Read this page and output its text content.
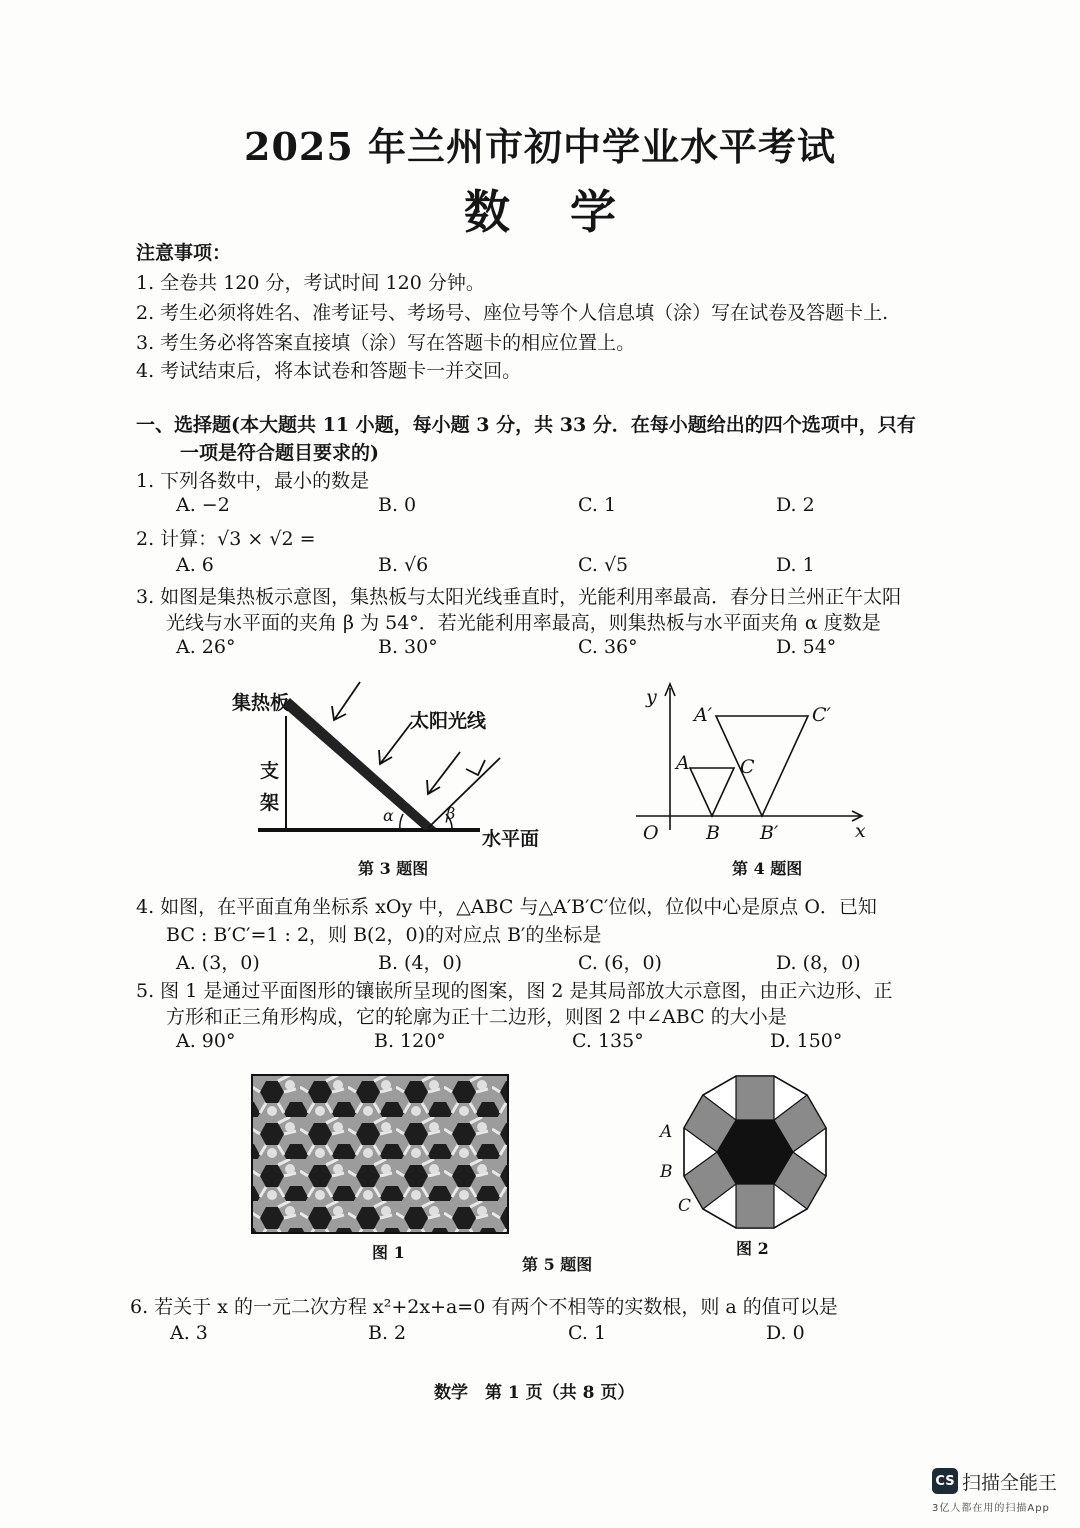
2025 年兰州市初中学业水平考试
数学
注意事项：
1. 全卷共 120 分，考试时间 120 分钟。
2. 考生必须将姓名、准考证号、考场号、座位号等个人信息填（涂）写在试卷及答题卡上.
3. 考生务必将答案直接填（涂）写在答题卡的相应位置上。
4. 考试结束后，将本试卷和答题卡一并交回。
一、选择题(本大题共 11 小题，每小题 3 分，共 33 分．在每小题给出的四个选项中，只有
一项是符合题目要求的)
1. 下列各数中，最小的数是
A. −2	B. 0	C. 1	D. 2
2. 计算：√3 × √2 =
A. 6	B. √6	C. √5	D. 1
3. 如图是集热板示意图，集热板与太阳光线垂直时，光能利用率最高．春分日兰州正午太阳
光线与水平面的夹角 β 为 54°．若光能利用率最高，则集热板与水平面夹角 α 度数是
A. 26°	B. 30°	C. 36°	D. 54°
集热板
太阳光线
支
架
α	β
水平面
第 3 题图
y
x
O
A
B
C
A′
B′
C′
第 4 题图
4. 如图，在平面直角坐标系 xOy 中，△ABC 与△A′B′C′位似，位似中心是原点 O．已知
BC : B′C′=1 : 2，则 B(2，0)的对应点 B′的坐标是
A. (3，0)	B. (4，0)	C. (6，0)	D. (8，0)
5. 图 1 是通过平面图形的镶嵌所呈现的图案，图 2 是其局部放大示意图，由正六边形、正
方形和正三角形构成，它的轮廓为正十二边形，则图 2 中∠ABC 的大小是
A. 90°	B. 120°	C. 135°	D. 150°
A
B
C
图 1	图 2
第 5 题图
6. 若关于 x 的一元二次方程 x²+2x+a=0 有两个不相等的实数根，则 a 的值可以是
A. 3	B. 2	C. 1	D. 0
数学　第 1 页（共 8 页）
CS 扫描全能王
3亿人都在用的扫描App
